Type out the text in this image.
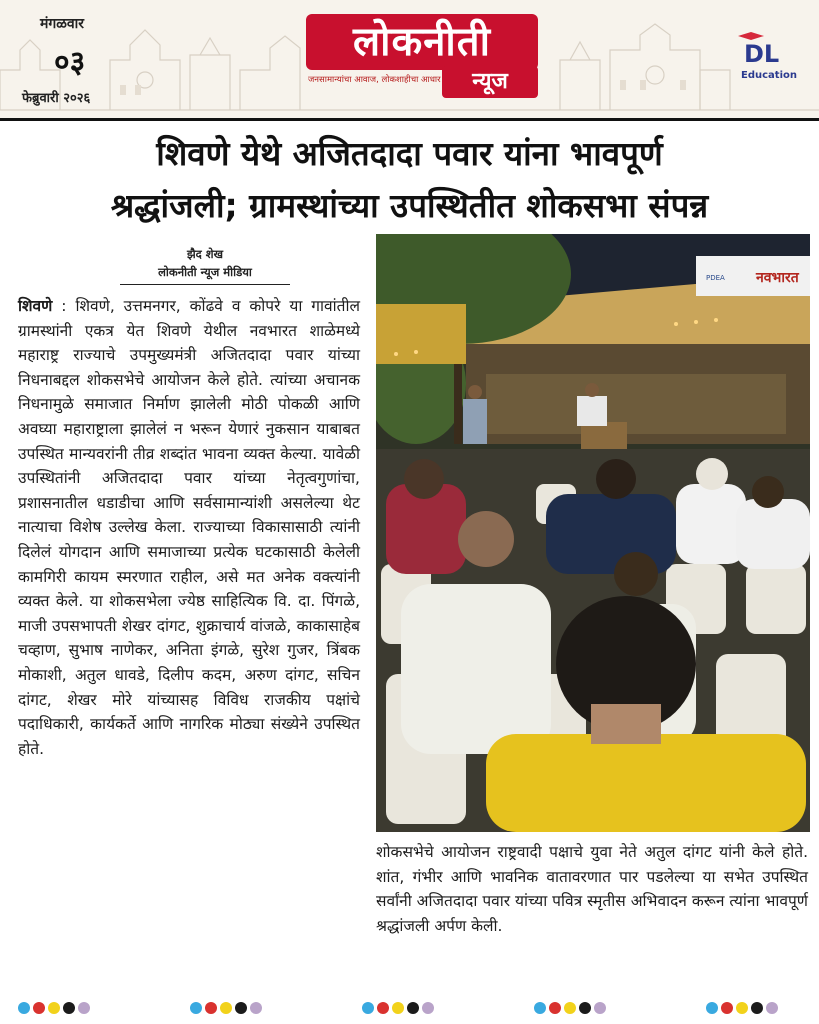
मंगळवार
०३
फेब्रुवारी २०२६
लोकनीती
जनसामान्यांचा आवाज, लोकशाहीचा आधार	न्यूज
DL
Education
शिवणे येथे अजितदादा पवार यांना भावपूर्ण
श्रद्धांजली; ग्रामस्थांच्या उपस्थितीत शोकसभा संपन्न
झैद शेख
लोकनीती न्यूज मीडिया
शिवणे : शिवणे, उत्तमनगर, कोंढवे व कोपरे या गावांतील ग्रामस्थांनी एकत्र येत शिवणे येथील नवभारत शाळेमध्ये महाराष्ट्र राज्याचे उपमुख्यमंत्री अजितदादा पवार यांच्या निधनाबद्दल शोकसभेचे आयोजन केले होते. त्यांच्या अचानक निधनामुळे समाजात निर्माण झालेली मोठी पोकळी आणि अवघ्या महाराष्ट्राला झालेलं न भरून येणारं नुकसान याबाबत उपस्थित मान्यवरांनी तीव्र शब्दांत भावना व्यक्त केल्या. यावेळी उपस्थितांनी अजितदादा पवार यांच्या नेतृत्वगुणांचा, प्रशासनातील धडाडीचा आणि सर्वसामान्यांशी असलेल्या थेट नात्याचा विशेष उल्लेख केला. राज्याच्या विकासासाठी त्यांनी दिलेलं योगदान आणि समाजाच्या प्रत्येक घटकासाठी केलेली कामगिरी कायम स्मरणात राहील, असे मत अनेक वक्त्यांनी व्यक्त केले. या शोकसभेला ज्येष्ठ साहित्यिक वि. दा. पिंगळे, माजी उपसभापती शेखर दांगट, शुक्राचार्य वांजळे, काकासाहेब चव्हाण, सुभाष नाणेकर, अनिता इंगळे, सुरेश गुजर, त्रिंबक मोकाशी, अतुल धावडे, दिलीप कदम, अरुण दांगट, सचिन दांगट, शेखर मोरे यांच्यासह विविध राजकीय पक्षांचे पदाधिकारी, कार्यकर्ते आणि नागरिक मोठ्या संख्येने उपस्थित होते.
नवभारत
PDEA
शोकसभेचे आयोजन राष्ट्रवादी पक्षाचे युवा नेते अतुल दांगट यांनी केले होते. शांत, गंभीर आणि भावनिक वातावरणात पार पडलेल्या या सभेत उपस्थित सर्वांनी अजितदादा पवार यांच्या पवित्र स्मृतीस अभिवादन करून त्यांना भावपूर्ण श्रद्धांजली अर्पण केली.
